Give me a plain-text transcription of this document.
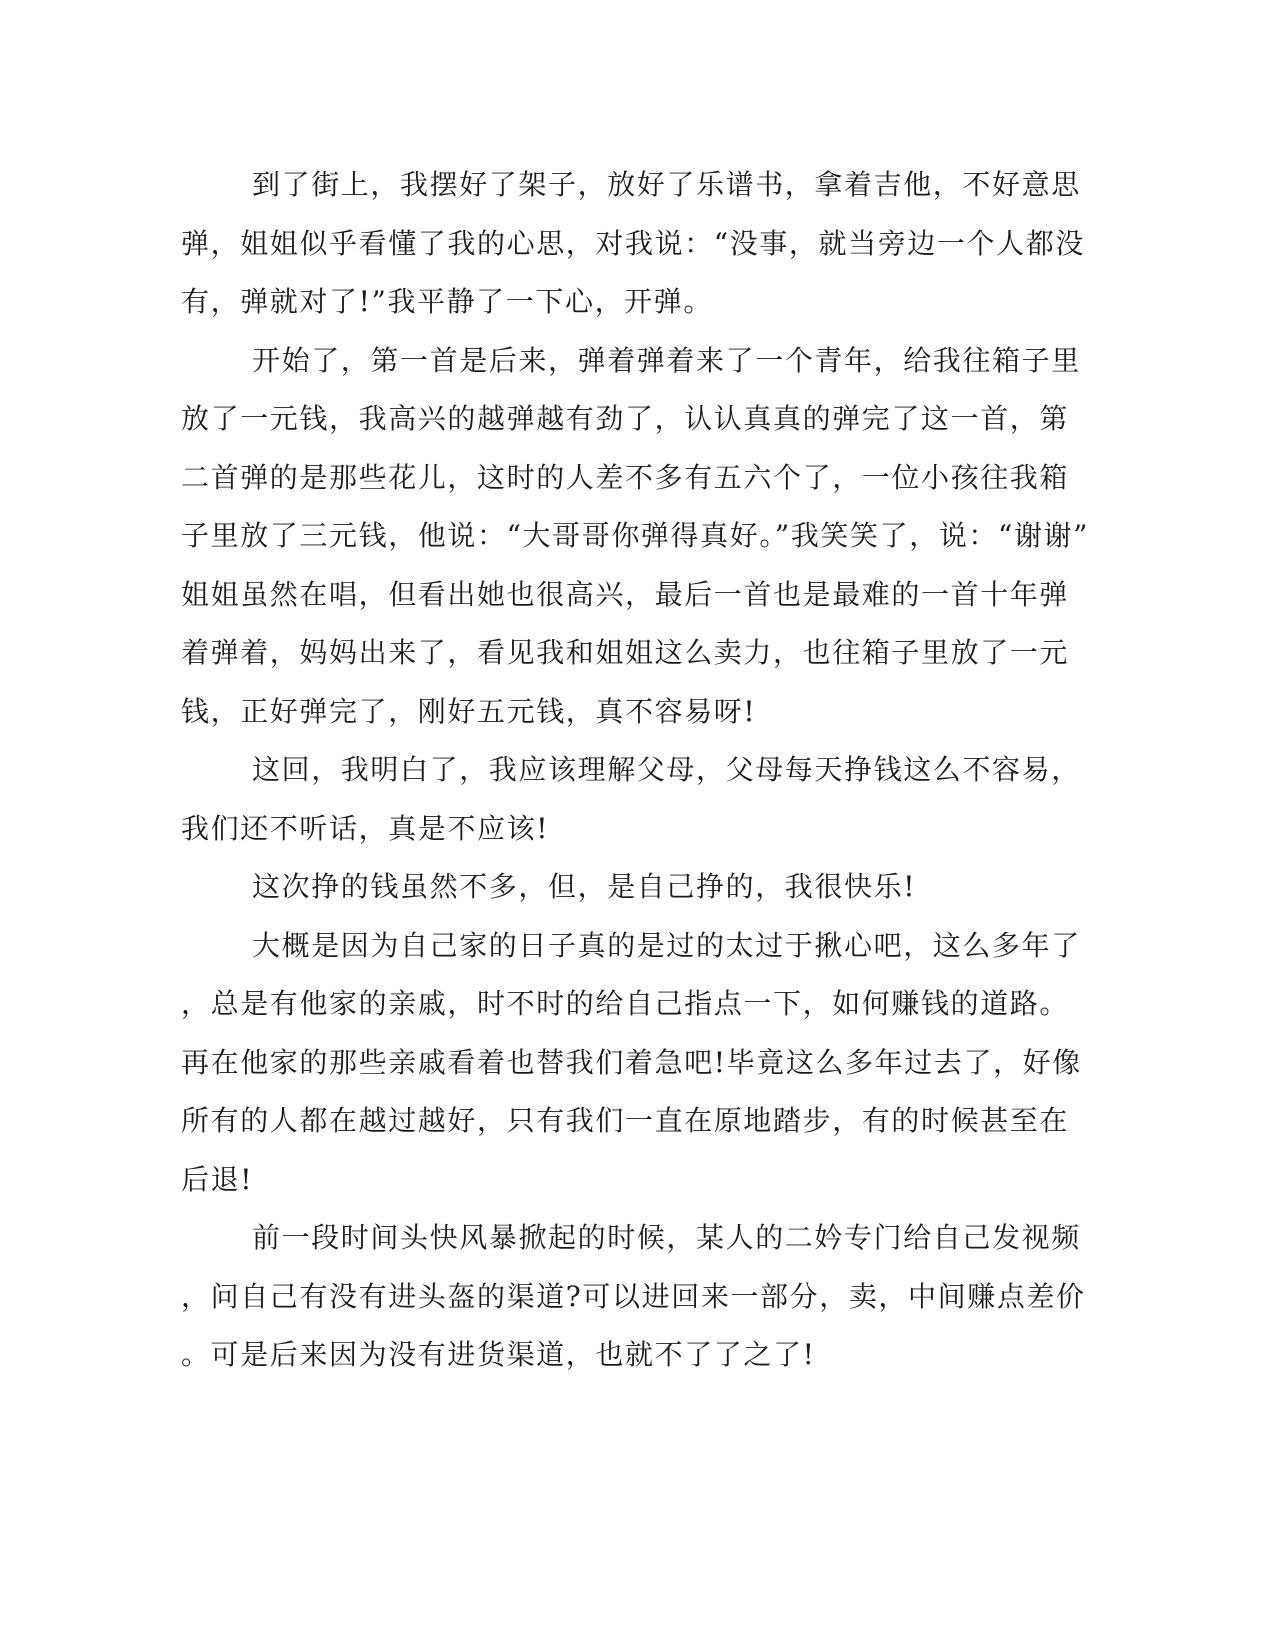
到了街上，我摆好了架子，放好了乐谱书，拿着吉他，不好意思
弹，姐姐似乎看懂了我的心思，对我说：“没事，就当旁边一个人都没
有，弹就对了!”我平静了一下心，开弹。
开始了，第一首是后来，弹着弹着来了一个青年，给我往箱子里
放了一元钱，我高兴的越弹越有劲了，认认真真的弹完了这一首，第
二首弹的是那些花儿，这时的人差不多有五六个了，一位小孩往我箱
子里放了三元钱，他说：“大哥哥你弹得真好。”我笑笑了，说：“谢谢”
姐姐虽然在唱，但看出她也很高兴，最后一首也是最难的一首十年弹
着弹着，妈妈出来了，看见我和姐姐这么卖力，也往箱子里放了一元
钱，正好弹完了，刚好五元钱，真不容易呀!
这回，我明白了，我应该理解父母，父母每天挣钱这么不容易，
我们还不听话，真是不应该!
这次挣的钱虽然不多，但，是自己挣的，我很快乐!
大概是因为自己家的日子真的是过的太过于揪心吧，这么多年了
，总是有他家的亲戚，时不时的给自己指点一下，如何赚钱的道路。
再在他家的那些亲戚看着也替我们着急吧!毕竟这么多年过去了，好像
所有的人都在越过越好，只有我们一直在原地踏步，有的时候甚至在
后退!
前一段时间头快风暴掀起的时候，某人的二妗专门给自己发视频
，问自己有没有进头盔的渠道?可以进回来一部分，卖，中间赚点差价
。可是后来因为没有进货渠道，也就不了了之了!
